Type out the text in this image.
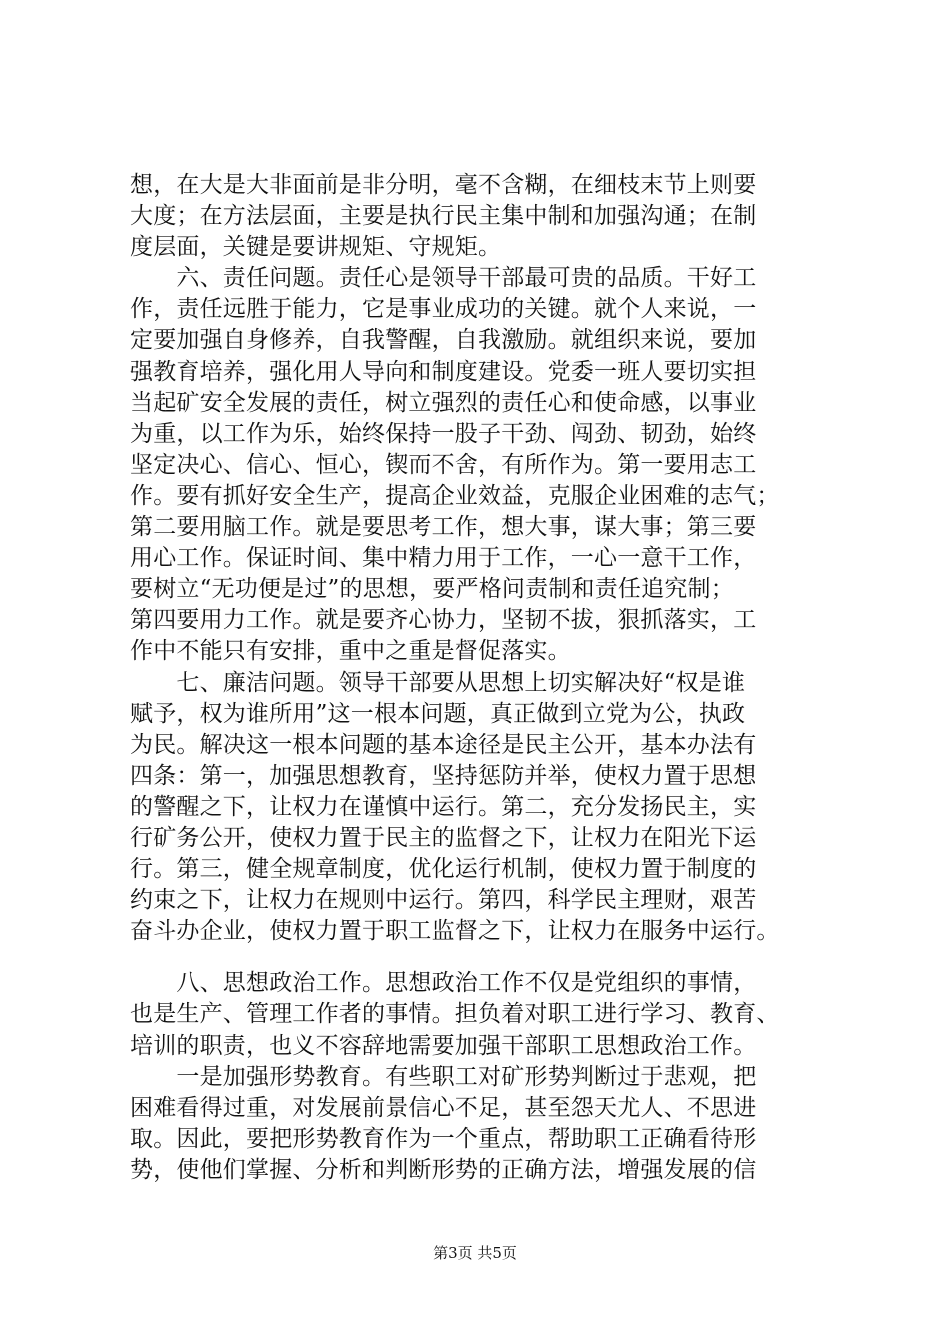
想，在大是大非面前是非分明，毫不含糊，在细枝末节上则要
大度；在方法层面，主要是执行民主集中制和加强沟通；在制
度层面，关键是要讲规矩、守规矩。
　　六、责任问题。责任心是领导干部最可贵的品质。干好工
作，责任远胜于能力，它是事业成功的关键。就个人来说，一
定要加强自身修养，自我警醒，自我激励。就组织来说，要加
强教育培养，强化用人导向和制度建设。党委一班人要切实担
当起矿安全发展的责任，树立强烈的责任心和使命感，以事业
为重，以工作为乐，始终保持一股子干劲、闯劲、韧劲，始终
坚定决心、信心、恒心，锲而不舍，有所作为。第一要用志工
作。要有抓好安全生产，提高企业效益，克服企业困难的志气；
第二要用脑工作。就是要思考工作，想大事，谋大事；第三要
用心工作。保证时间、集中精力用于工作，一心一意干工作，
要树立“无功便是过”的思想，要严格问责制和责任追究制；
第四要用力工作。就是要齐心协力，坚韧不拔，狠抓落实，工
作中不能只有安排，重中之重是督促落实。
　　七、廉洁问题。领导干部要从思想上切实解决好“权是谁
赋予，权为谁所用”这一根本问题，真正做到立党为公，执政
为民。解决这一根本问题的基本途径是民主公开，基本办法有
四条：第一，加强思想教育，坚持惩防并举，使权力置于思想
的警醒之下，让权力在谨慎中运行。第二，充分发扬民主，实
行矿务公开，使权力置于民主的监督之下，让权力在阳光下运
行。第三，健全规章制度，优化运行机制，使权力置于制度的
约束之下，让权力在规则中运行。第四，科学民主理财，艰苦
奋斗办企业，使权力置于职工监督之下，让权力在服务中运行。
　　八、思想政治工作。思想政治工作不仅是党组织的事情，
也是生产、管理工作者的事情。担负着对职工进行学习、教育、
培训的职责，也义不容辞地需要加强干部职工思想政治工作。
　　一是加强形势教育。有些职工对矿形势判断过于悲观，把
困难看得过重，对发展前景信心不足，甚至怨天尤人、不思进
取。因此，要把形势教育作为一个重点，帮助职工正确看待形
势，使他们掌握、分析和判断形势的正确方法，增强发展的信
第3页 共5页
